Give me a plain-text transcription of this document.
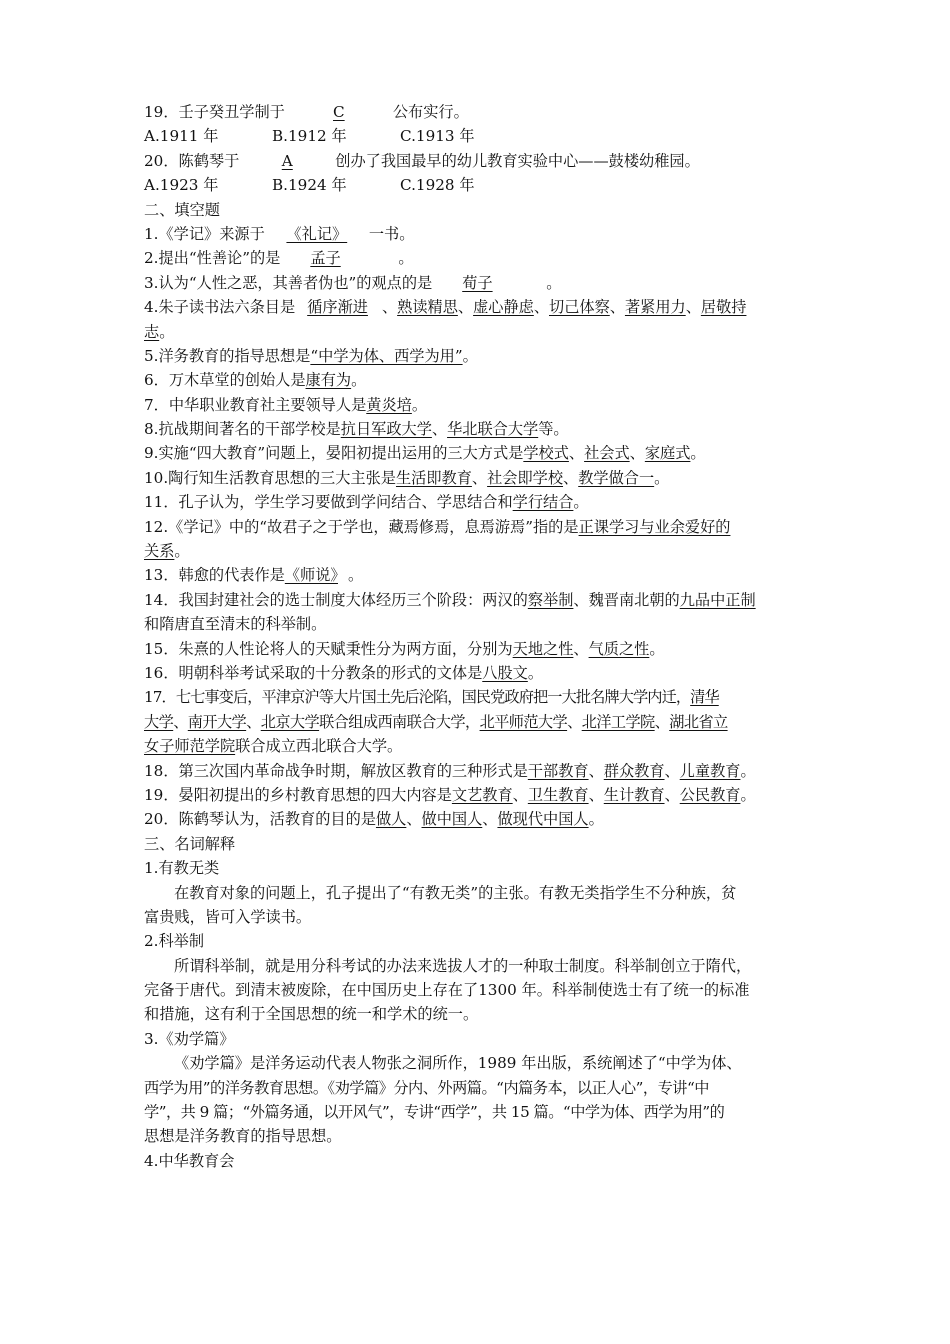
19．壬子癸丑学制于	C	公布实行。
A.1911 年	B.1912 年	C.1913 年
20．陈鹤琴于	A	创办了我国最早的幼儿教育实验中心——鼓楼幼稚园。
A.1923 年	B.1924 年	C.1928 年
二、填空题
1.《学记》来源于 《礼记》 一书。
2.提出“性善论”的是 孟子	。
3.认为“人性之恶，其善者伪也”的观点的是 荀子	。
4.朱子读书法六条目是 循序渐进 、熟读精思、虚心静虑、切己体察、著紧用力、居敬持
志。
5.洋务教育的指导思想是“中学为体、西学为用”。
6．万木草堂的创始人是康有为。
7．中华职业教育社主要领导人是黄炎培。
8.抗战期间著名的干部学校是抗日军政大学、华北联合大学等。
9.实施“四大教育”问题上，晏阳初提出运用的三大方式是学校式、社会式、家庭式。
10.陶行知生活教育思想的三大主张是生活即教育、社会即学校、教学做合一。
11．孔子认为，学生学习要做到学问结合、学思结合和学行结合。
12.《学记》中的“故君子之于学也，藏焉修焉，息焉游焉”指的是正课学习与业余爱好的
关系。
13．韩愈的代表作是《师说》 。
14．我国封建社会的选士制度大体经历三个阶段：两汉的察举制、魏晋南北朝的九品中正制
和隋唐直至清末的科举制。
15．朱熹的人性论将人的天赋秉性分为两方面，分别为天地之性、气质之性。
16．明朝科举考试采取的十分教条的形式的文体是八股文。
17．七七事变后，平津京沪等大片国土先后沦陷，国民党政府把一大批名牌大学内迁，清华
大学、南开大学、北京大学联合组成西南联合大学，北平师范大学、北洋工学院、湖北省立
女子师范学院联合成立西北联合大学。
18．第三次国内革命战争时期，解放区教育的三种形式是干部教育、群众教育、儿童教育。
19．晏阳初提出的乡村教育思想的四大内容是文艺教育、卫生教育、生计教育、公民教育。
20．陈鹤琴认为，活教育的目的是做人、做中国人、做现代中国人。
三、名词解释
1.有教无类
在教育对象的问题上，孔子提出了“有教无类”的主张。有教无类指学生不分种族，贫
富贵贱，皆可入学读书。
2.科举制
所谓科举制，就是用分科考试的办法来选拔人才的一种取士制度。科举制创立于隋代，
完备于唐代。到清末被废除，在中国历史上存在了1300 年。科举制使选士有了统一的标准
和措施，这有利于全国思想的统一和学术的统一。
3.《劝学篇》
《劝学篇》是洋务运动代表人物张之洞所作，1989 年出版，系统阐述了“中学为体、
西学为用”的洋务教育思想。《劝学篇》分内、外两篇。“内篇务本，以正人心”，专讲“中
学”，共 9 篇；“外篇务通，以开风气”，专讲“西学”，共 15 篇。“中学为体、西学为用”的
思想是洋务教育的指导思想。
4.中华教育会
